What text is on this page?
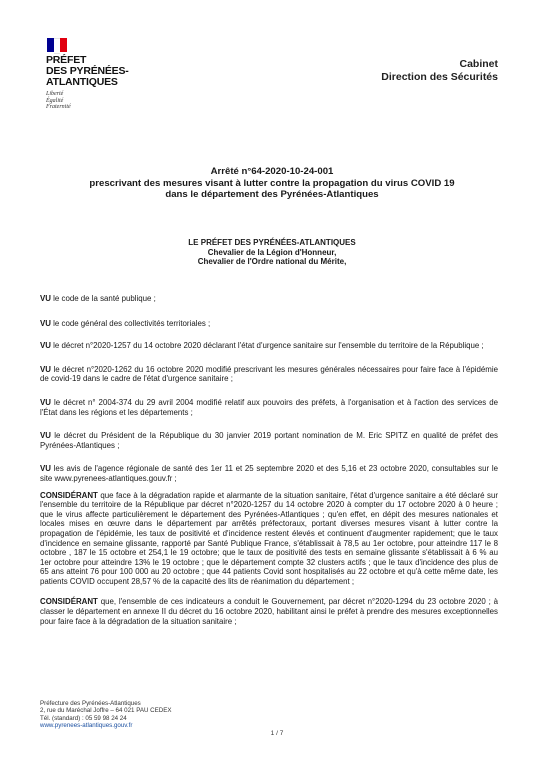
PRÉFET
DES PYRÉNÉES-
ATLANTIQUES
Liberté
Égalité
Fraternité
Cabinet
Direction des Sécurités
Arrêté n°64-2020-10-24-001
prescrivant des mesures visant à lutter contre la propagation du virus COVID 19
dans le département des Pyrénées-Atlantiques
LE PRÉFET DES PYRÉNÉES-ATLANTIQUES
Chevalier de la Légion d'Honneur,
Chevalier de l'Ordre national du Mérite,

VU le code de la santé publique ;

VU le code général des collectivités territoriales ;

VU le décret n°2020-1257 du 14 octobre 2020 déclarant l'état d'urgence sanitaire sur l'ensemble du territoire de la République ;

VU le décret n°2020-1262 du 16 octobre 2020 modifié prescrivant les mesures générales nécessaires pour faire face à l'épidémie de covid-19 dans le cadre de l'état d'urgence sanitaire ;

VU le décret n° 2004-374 du 29 avril 2004 modifié relatif aux pouvoirs des préfets, à l'organisation et à l'action des services de l'État dans les régions et les départements ;

VU le décret du Président de la République du 30 janvier 2019 portant nomination de M. Eric SPITZ en qualité de préfet des Pyrénées-Atlantiques ;

VU les avis de l'agence régionale de santé des 1er 11 et 25 septembre 2020 et des 5,16 et 23 octobre 2020, consultables sur le site www.pyrenees-atlantiques.gouv.fr ;

CONSIDÉRANT que face à la dégradation rapide et alarmante de la situation sanitaire, l'état d'urgence sanitaire a été déclaré sur l'ensemble du territoire de la République par décret n°2020-1257 du 14 octobre 2020 à compter du 17 octobre 2020 à 0 heure ; que le virus affecte particulièrement le département des Pyrénées-Atlantiques ; qu'en effet, en dépit des mesures nationales et locales mises en œuvre dans le département par arrêtés préfectoraux, portant diverses mesures visant à lutter contre la propagation de l'épidémie, les taux de positivité et d'incidence restent élevés et continuent d'augmenter rapidement; que le taux d'incidence en semaine glissante, rapporté par Santé Publique France, s'établissait à 78,5 au 1er octobre, pour atteindre 117 le 8 octobre , 187 le 15 octobre et 254,1 le 19 octobre; que le taux de positivité des tests en semaine glissante s'établissait à 6 % au 1er octobre pour atteindre 13% le 19 octobre ; que le département compte 32 clusters actifs ; que le taux d'incidence des plus de 65 ans atteint 76 pour 100 000 au 20 octobre ; que 44 patients Covid sont hospitalisés au 22 octobre et qu'à cette même date, les patients COVID occupent 28,57 % de la capacité des lits de réanimation du département ;

CONSIDÉRANT que, l'ensemble de ces indicateurs a conduit le Gouvernement, par décret n°2020-1294 du 23 octobre 2020 ; à classer le département en annexe II du décret du 16 octobre 2020, habilitant ainsi le préfet à prendre des mesures exceptionnelles pour faire face à la dégradation de la situation sanitaire ;

Préfecture des Pyrénées-Atlantiques
2, rue du Maréchal Joffre – 64 021 PAU CEDEX
Tél. (standard) : 05 59 98 24 24
www.pyrenees-atlantiques.gouv.fr
1 / 7
